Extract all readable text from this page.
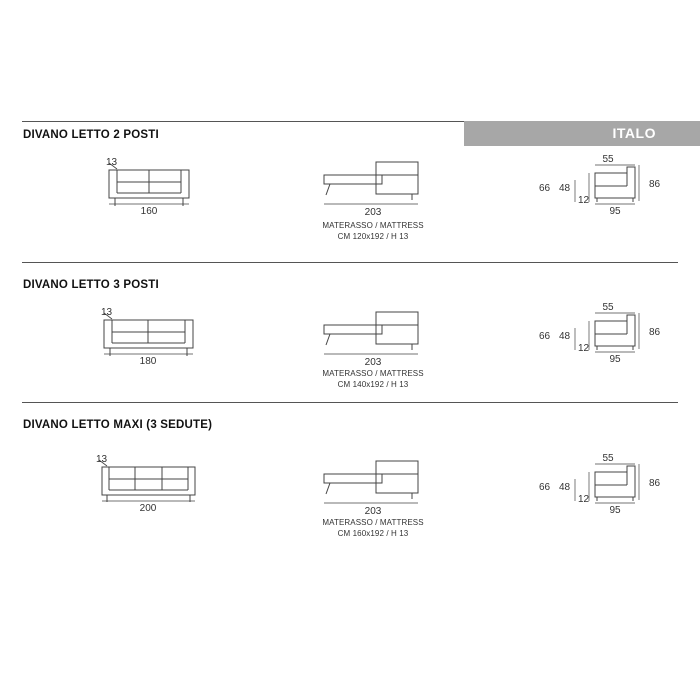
ITALO
DIVANO LETTO 2 POSTI
13
160	203
MATERASSO / MATTRESS
CM 120x192 / H 13
55
86
66 48
12
95
DIVANO LETTO 3 POSTI
13
180	203
MATERASSO / MATTRESS
CM 140x192 / H 13
55
86
66 48
12
95
DIVANO LETTO MAXI (3 SEDUTE)
13
200	203
MATERASSO / MATTRESS
CM 160x192 / H 13
55
86
66 48
12
95
